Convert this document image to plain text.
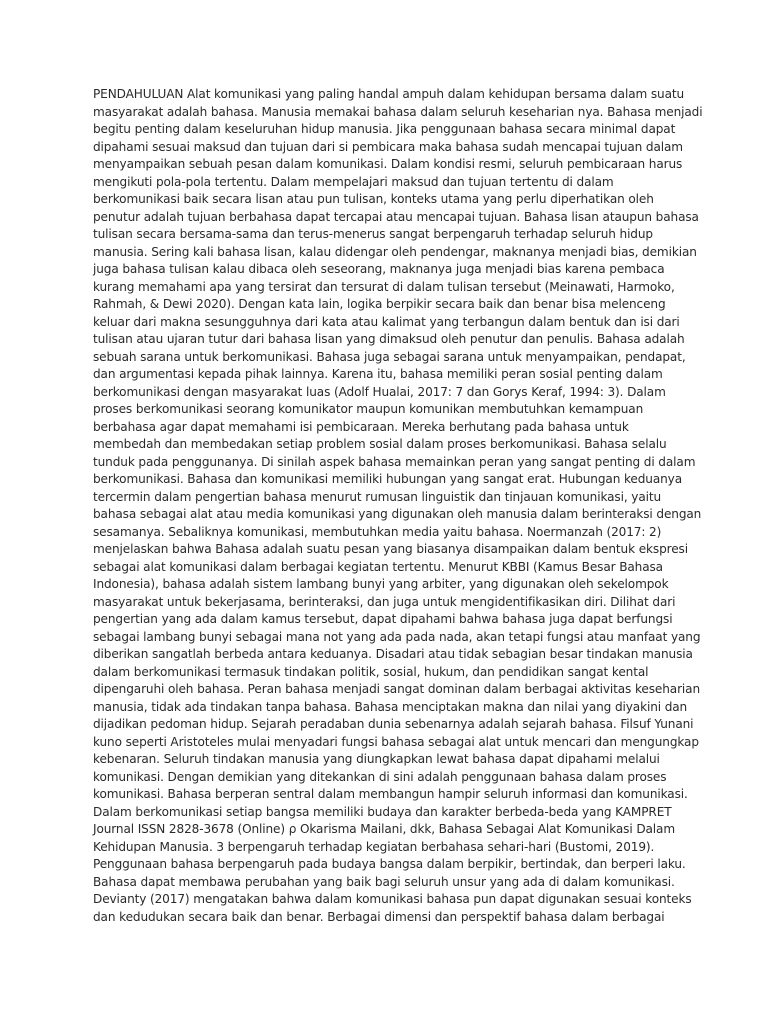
PENDAHULUAN Alat komunikasi yang paling handal ampuh dalam kehidupan bersama dalam suatu
masyarakat adalah bahasa. Manusia memakai bahasa dalam seluruh keseharian nya. Bahasa menjadi
begitu penting dalam keseluruhan hidup manusia. Jika penggunaan bahasa secara minimal dapat
dipahami sesuai maksud dan tujuan dari si pembicara maka bahasa sudah mencapai tujuan dalam
menyampaikan sebuah pesan dalam komunikasi. Dalam kondisi resmi, seluruh pembicaraan harus
mengikuti pola-pola tertentu. Dalam mempelajari maksud dan tujuan tertentu di dalam
berkomunikasi baik secara lisan atau pun tulisan, konteks utama yang perlu diperhatikan oleh
penutur adalah tujuan berbahasa dapat tercapai atau mencapai tujuan. Bahasa lisan ataupun bahasa
tulisan secara bersama-sama dan terus-menerus sangat berpengaruh terhadap seluruh hidup
manusia. Sering kali bahasa lisan, kalau didengar oleh pendengar, maknanya menjadi bias, demikian
juga bahasa tulisan kalau dibaca oleh seseorang, maknanya juga menjadi bias karena pembaca
kurang memahami apa yang tersirat dan tersurat di dalam tulisan tersebut (Meinawati, Harmoko,
Rahmah, & Dewi 2020). Dengan kata lain, logika berpikir secara baik dan benar bisa melenceng
keluar dari makna sesungguhnya dari kata atau kalimat yang terbangun dalam bentuk dan isi dari
tulisan atau ujaran tutur dari bahasa lisan yang dimaksud oleh penutur dan penulis. Bahasa adalah
sebuah sarana untuk berkomunikasi. Bahasa juga sebagai sarana untuk menyampaikan, pendapat,
dan argumentasi kepada pihak lainnya. Karena itu, bahasa memiliki peran sosial penting dalam
berkomunikasi dengan masyarakat luas (Adolf Hualai, 2017: 7 dan Gorys Keraf, 1994: 3). Dalam
proses berkomunikasi seorang komunikator maupun komunikan membutuhkan kemampuan
berbahasa agar dapat memahami isi pembicaraan. Mereka berhutang pada bahasa untuk
membedah dan membedakan setiap problem sosial dalam proses berkomunikasi. Bahasa selalu
tunduk pada penggunanya. Di sinilah aspek bahasa memainkan peran yang sangat penting di dalam
berkomunikasi. Bahasa dan komunikasi memiliki hubungan yang sangat erat. Hubungan keduanya
tercermin dalam pengertian bahasa menurut rumusan linguistik dan tinjauan komunikasi, yaitu
bahasa sebagai alat atau media komunikasi yang digunakan oleh manusia dalam berinteraksi dengan
sesamanya. Sebaliknya komunikasi, membutuhkan media yaitu bahasa. Noermanzah (2017: 2)
menjelaskan bahwa Bahasa adalah suatu pesan yang biasanya disampaikan dalam bentuk ekspresi
sebagai alat komunikasi dalam berbagai kegiatan tertentu. Menurut KBBI (Kamus Besar Bahasa
Indonesia), bahasa adalah sistem lambang bunyi yang arbiter, yang digunakan oleh sekelompok
masyarakat untuk bekerjasama, berinteraksi, dan juga untuk mengidentifikasikan diri. Dilihat dari
pengertian yang ada dalam kamus tersebut, dapat dipahami bahwa bahasa juga dapat berfungsi
sebagai lambang bunyi sebagai mana not yang ada pada nada, akan tetapi fungsi atau manfaat yang
diberikan sangatlah berbeda antara keduanya. Disadari atau tidak sebagian besar tindakan manusia
dalam berkomunikasi termasuk tindakan politik, sosial, hukum, dan pendidikan sangat kental
dipengaruhi oleh bahasa. Peran bahasa menjadi sangat dominan dalam berbagai aktivitas keseharian
manusia, tidak ada tindakan tanpa bahasa. Bahasa menciptakan makna dan nilai yang diyakini dan
dijadikan pedoman hidup. Sejarah peradaban dunia sebenarnya adalah sejarah bahasa. Filsuf Yunani
kuno seperti Aristoteles mulai menyadari fungsi bahasa sebagai alat untuk mencari dan mengungkap
kebenaran. Seluruh tindakan manusia yang diungkapkan lewat bahasa dapat dipahami melalui
komunikasi. Dengan demikian yang ditekankan di sini adalah penggunaan bahasa dalam proses
komunikasi. Bahasa berperan sentral dalam membangun hampir seluruh informasi dan komunikasi.
Dalam berkomunikasi setiap bangsa memiliki budaya dan karakter berbeda-beda yang KAMPRET
Journal ISSN 2828-3678 (Online) ρ Okarisma Mailani, dkk, Bahasa Sebagai Alat Komunikasi Dalam
Kehidupan Manusia. 3 berpengaruh terhadap kegiatan berbahasa sehari-hari (Bustomi, 2019).
Penggunaan bahasa berpengaruh pada budaya bangsa dalam berpikir, bertindak, dan berperi laku.
Bahasa dapat membawa perubahan yang baik bagi seluruh unsur yang ada di dalam komunikasi.
Devianty (2017) mengatakan bahwa dalam komunikasi bahasa pun dapat digunakan sesuai konteks
dan kedudukan secara baik dan benar. Berbagai dimensi dan perspektif bahasa dalam berbagai
